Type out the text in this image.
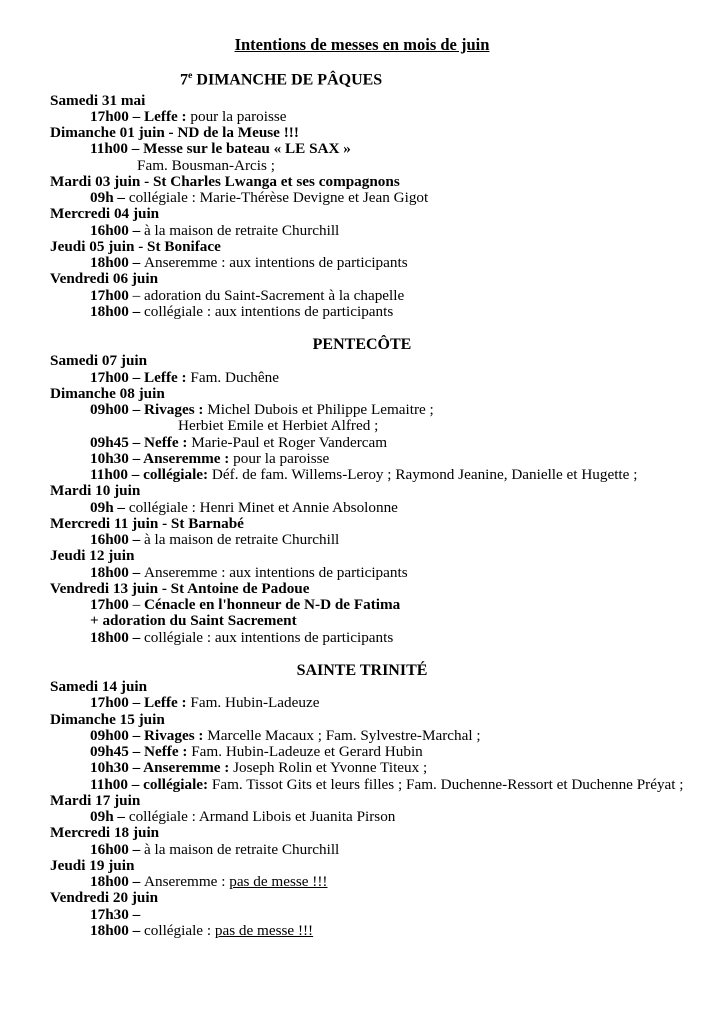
Intentions de messes en mois de juin
7e DIMANCHE DE PÂQUES
Samedi 31 mai
17h00 – Leffe : pour la paroisse
Dimanche 01 juin - ND de la Meuse !!!
11h00 – Messe sur le bateau « LE SAX »
Fam. Bousman-Arcis ;
Mardi 03 juin - St Charles Lwanga et ses compagnons
09h – collégiale : Marie-Thérèse Devigne et Jean Gigot
Mercredi 04 juin
16h00 – à la maison de retraite Churchill
Jeudi 05 juin - St Boniface
18h00 – Anseremme : aux intentions de participants
Vendredi 06 juin
17h00 – adoration du Saint-Sacrement à la chapelle
18h00 – collégiale : aux intentions de participants
PENTECÔTE
Samedi 07 juin
17h00 – Leffe : Fam. Duchêne
Dimanche 08 juin
09h00 – Rivages : Michel Dubois et Philippe Lemaitre ;
Herbiet Emile et Herbiet Alfred ;
09h45 – Neffe : Marie-Paul et Roger Vandercam
10h30 – Anseremme : pour la paroisse
11h00 – collégiale: Déf. de fam. Willems-Leroy ; Raymond Jeanine, Danielle et Hugette ;
Mardi 10 juin
09h – collégiale : Henri Minet et Annie Absolonne
Mercredi 11 juin - St Barnabé
16h00 – à la maison de retraite Churchill
Jeudi 12 juin
18h00 – Anseremme : aux intentions de participants
Vendredi 13 juin - St Antoine de Padoue
17h00 – Cénacle en l'honneur de N-D de Fatima
+ adoration du Saint Sacrement
18h00 – collégiale : aux intentions de participants
SAINTE TRINITÉ
Samedi 14 juin
17h00 – Leffe : Fam. Hubin-Ladeuze
Dimanche 15 juin
09h00 – Rivages : Marcelle Macaux ; Fam. Sylvestre-Marchal ;
09h45 – Neffe : Fam. Hubin-Ladeuze et Gerard Hubin
10h30 – Anseremme : Joseph Rolin et Yvonne Titeux ;
11h00 – collégiale: Fam. Tissot Gits et leurs filles ; Fam. Duchenne-Ressort et Duchenne Préyat ;
Mardi 17 juin
09h – collégiale : Armand Libois et Juanita Pirson
Mercredi 18 juin
16h00 – à la maison de retraite Churchill
Jeudi 19 juin
18h00 – Anseremme : pas de messe !!!
Vendredi 20 juin
17h30 –
18h00 – collégiale : pas de messe !!!
